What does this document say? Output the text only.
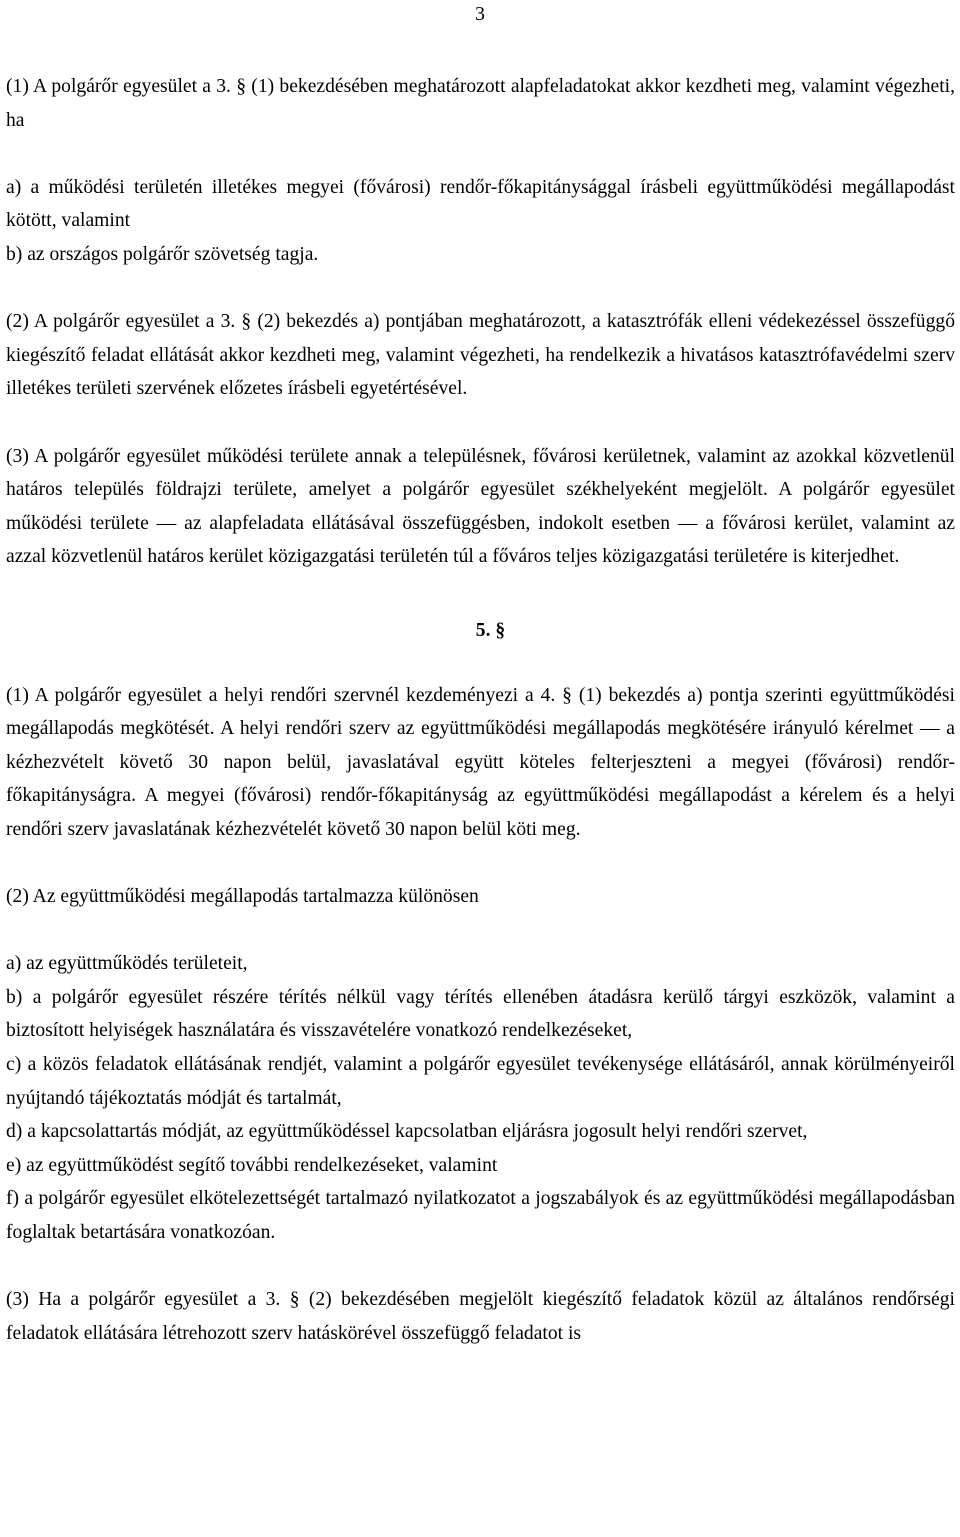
3

(1) A polgárőr egyesület a 3. § (1) bekezdésében meghatározott alapfeladatokat akkor kezdheti meg, valamint végezheti, ha

a) a működési területén illetékes megyei (fővárosi) rendőr-főkapitánysággal írásbeli együttműködési megállapodást kötött, valamint

b) az országos polgárőr szövetség tagja.

(2) A polgárőr egyesület a 3. § (2) bekezdés a) pontjában meghatározott, a katasztrófák elleni védekezéssel összefüggő kiegészítő feladat ellátását akkor kezdheti meg, valamint végezheti, ha rendelkezik a hivatásos katasztrófavédelmi szerv illetékes területi szervének előzetes írásbeli egyetértésével.

(3) A polgárőr egyesület működési területe annak a településnek, fővárosi kerületnek, valamint az azokkal közvetlenül határos település földrajzi területe, amelyet a polgárőr egyesület székhelyeként megjelölt. A polgárőr egyesület működési területe ― az alapfeladata ellátásával összefüggésben, indokolt esetben ― a fővárosi kerület, valamint az azzal közvetlenül határos kerület közigazgatási területén túl a főváros teljes közigazgatási területére is kiterjedhet.

5. §

(1) A polgárőr egyesület a helyi rendőri szervnél kezdeményezi a 4. § (1) bekezdés a) pontja szerinti együttműködési megállapodás megkötését. A helyi rendőri szerv az együttműködési megállapodás megkötésére irányuló kérelmet ― a kézhezvételt követő 30 napon belül, javaslatával együtt köteles felterjeszteni a megyei (fővárosi) rendőr-főkapitányságra. A megyei (fővárosi) rendőr-főkapitányság az együttműködési megállapodást a kérelem és a helyi rendőri szerv javaslatának kézhezvételét követő 30 napon belül köti meg.

(2) Az együttműködési megállapodás tartalmazza különösen

a) az együttműködés területeit,

b) a polgárőr egyesület részére térítés nélkül vagy térítés ellenében átadásra kerülő tárgyi eszközök, valamint a biztosított helyiségek használatára és visszavételére vonatkozó rendelkezéseket,

c) a közös feladatok ellátásának rendjét, valamint a polgárőr egyesület tevékenysége ellátásáról, annak körülményeiről nyújtandó tájékoztatás módját és tartalmát,

d) a kapcsolattartás módját, az együttműködéssel kapcsolatban eljárásra jogosult helyi rendőri szervet,

e) az együttműködést segítő további rendelkezéseket, valamint

f) a polgárőr egyesület elkötelezettségét tartalmazó nyilatkozatot a jogszabályok és az együttműködési megállapodásban foglaltak betartására vonatkozóan.

(3) Ha a polgárőr egyesület a 3. § (2) bekezdésében megjelölt kiegészítő feladatok közül az általános rendőrségi feladatok ellátására létrehozott szerv hatáskörével összefüggő feladatot is
